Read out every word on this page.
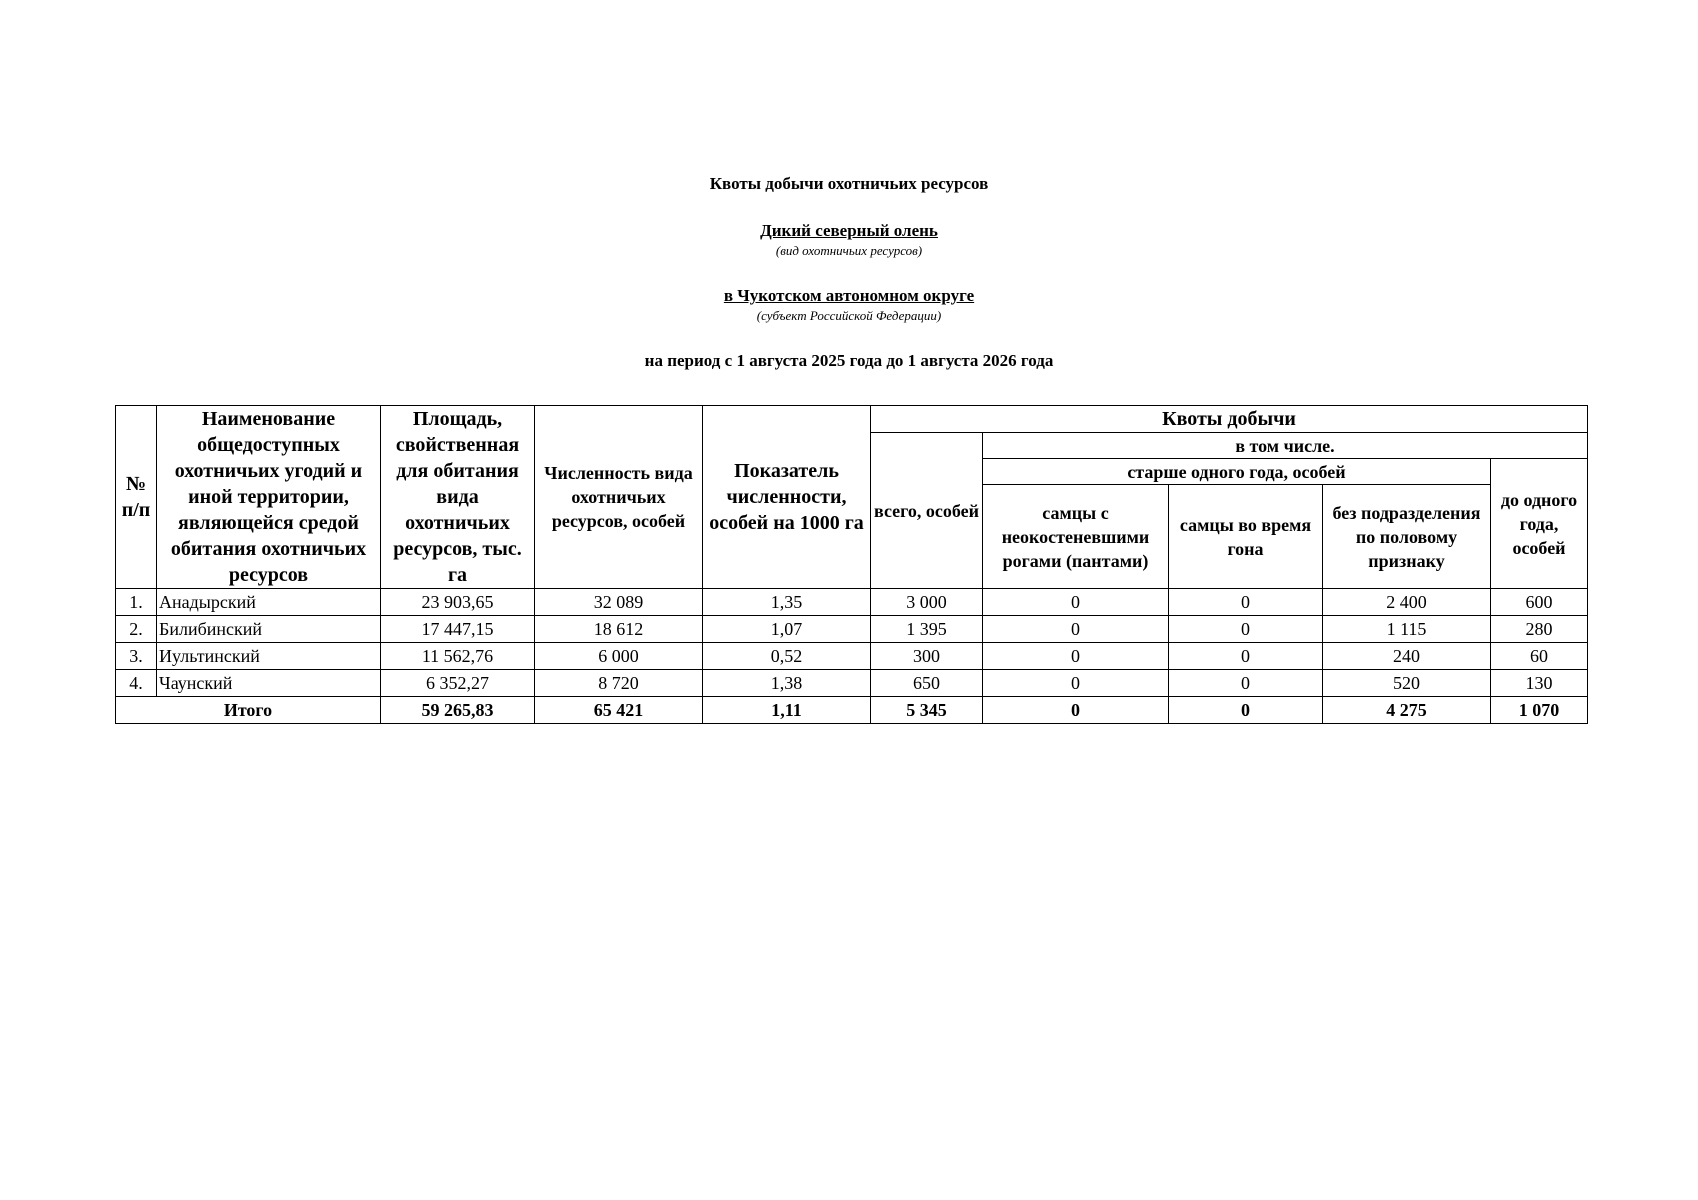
Квоты добычи охотничьих ресурсов
Дикий северный олень
(вид охотничьих ресурсов)
в Чукотском автономном округе
(субъект Российской Федерации)
на период с 1 августа 2025 года до 1 августа 2026 года
№ п/п	Наименование общедоступных охотничьих угодий и иной территории, являющейся средой обитания охотничьих ресурсов	Площадь, свойственная для обитания вида охотничьих ресурсов, тыс. га	Численность вида охотничьих ресурсов, особей	Показатель численности, особей на 1000 га	Квоты добычи				
					всего, особей	в том числе.			
						старше одного года, особей			до одного года, особей
						самцы с неокостеневшими рогами (пантами)	самцы во время гона	без подразделения по половому признаку	
1.	Анадырский	23 903,65	32 089	1,35	3 000	0	0	2 400	600
2.	Билибинский	17 447,15	18 612	1,07	1 395	0	0	1 115	280
3.	Иультинский	11 562,76	6 000	0,52	300	0	0	240	60
4.	Чаунский	6 352,27	8 720	1,38	650	0	0	520	130
Итого		59 265,83	65 421	1,11	5 345	0	0	4 275	1 070
